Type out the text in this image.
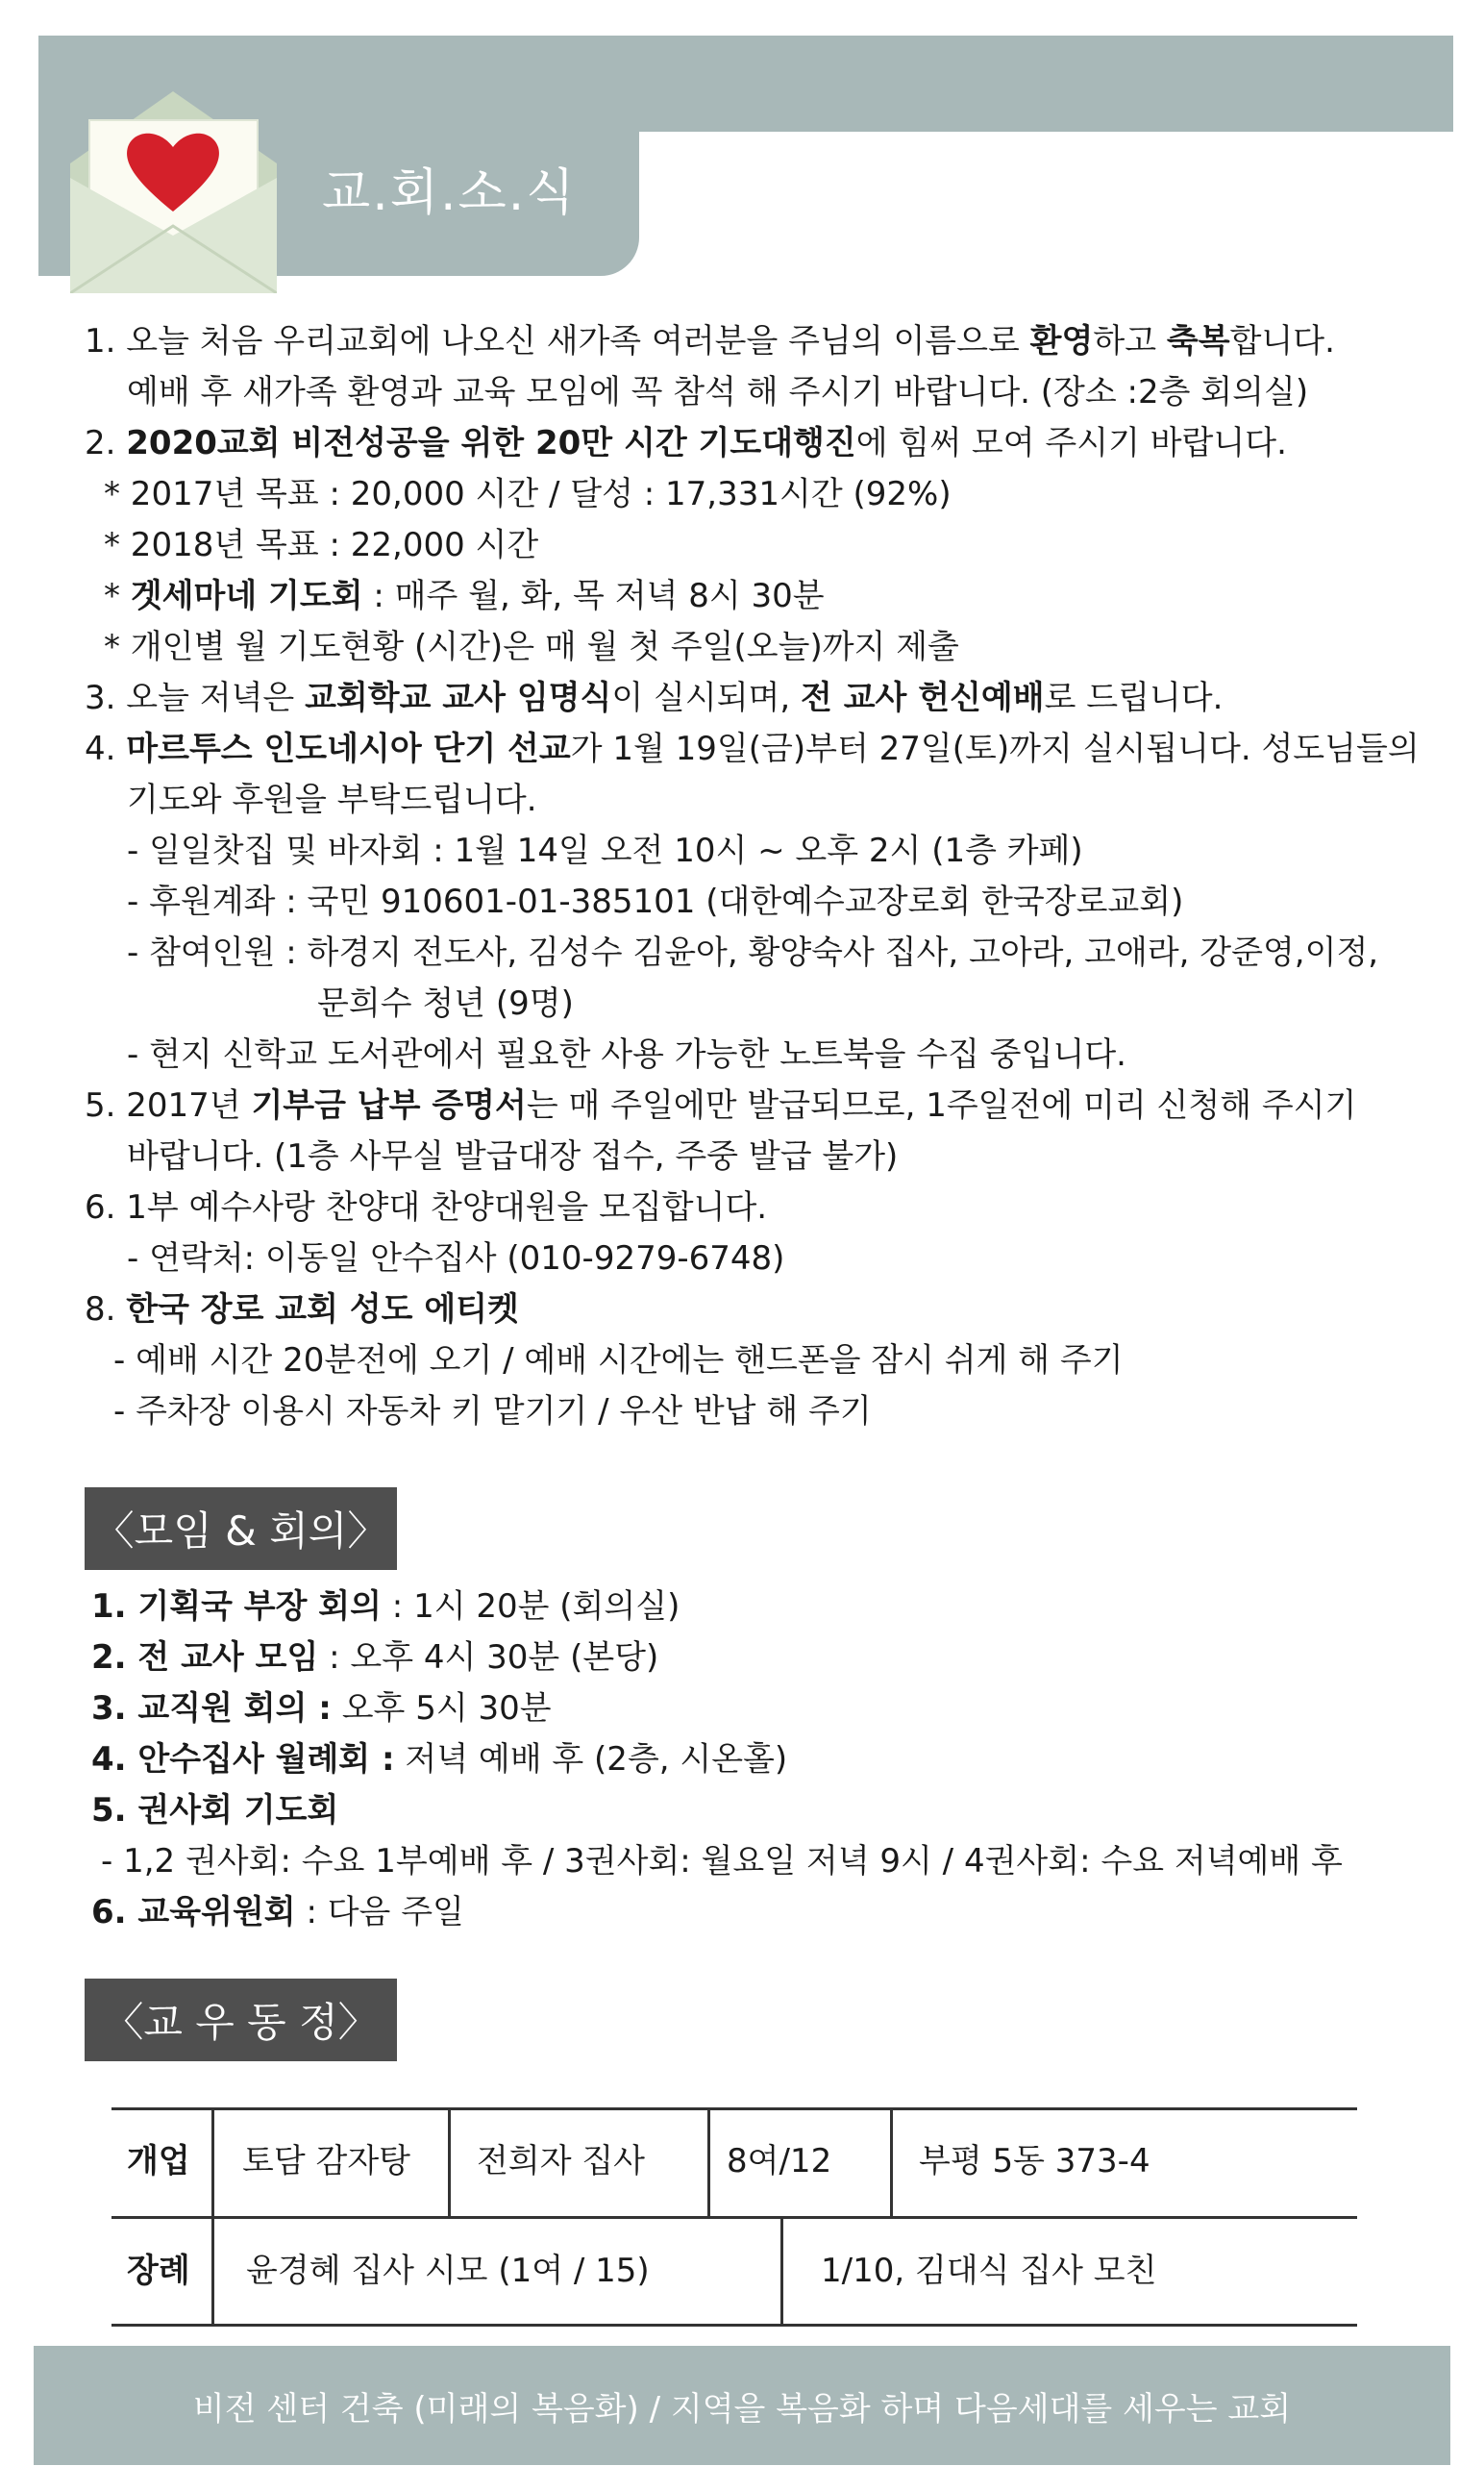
교.회.소.식
1. 오늘 처음 우리교회에 나오신 새가족 여러분을 주님의 이름으로 환영하고 축복합니다.
예배 후 새가족 환영과 교육 모임에 꼭 참석 해 주시기 바랍니다. (장소 :2층 회의실)
2. 2020교회 비전성공을 위한 20만 시간 기도대행진에 힘써 모여 주시기 바랍니다.
* 2017년 목표 : 20,000 시간 / 달성 : 17,331시간 (92%)
* 2018년 목표 : 22,000 시간
* 겟세마네 기도회 : 매주 월, 화, 목 저녁 8시 30분
* 개인별 월 기도현황 (시간)은 매 월 첫 주일(오늘)까지 제출
3. 오늘 저녁은 교회학교 교사 임명식이 실시되며, 전 교사 헌신예배로 드립니다.
4. 마르투스 인도네시아 단기 선교가 1월 19일(금)부터 27일(토)까지 실시됩니다. 성도님들의
기도와 후원을 부탁드립니다.
- 일일찻집 및 바자회 : 1월 14일 오전 10시 ~ 오후 2시 (1층 카페)
- 후원계좌 : 국민 910601-01-385101 (대한예수교장로회 한국장로교회)
- 참여인원 : 하경지 전도사, 김성수 김윤아, 황양숙사 집사, 고아라, 고애라, 강준영,이정,
문희수 청년 (9명)
- 현지 신학교 도서관에서 필요한 사용 가능한 노트북을 수집 중입니다.
5. 2017년 기부금 납부 증명서는 매 주일에만 발급되므로, 1주일전에 미리 신청해 주시기
바랍니다. (1층 사무실 발급대장 접수, 주중 발급 불가)
6. 1부 예수사랑 찬양대 찬양대원을 모집합니다.
- 연락처: 이동일 안수집사 (010-9279-6748)
8. 한국 장로 교회 성도 에티켓
- 예배 시간 20분전에 오기 / 예배 시간에는 핸드폰을 잠시 쉬게 해 주기
- 주차장 이용시 자동차 키 맡기기 / 우산 반납 해 주기
〈모임 & 회의〉
1. 기획국 부장 회의 : 1시 20분 (회의실)
2. 전 교사 모임 : 오후 4시 30분 (본당)
3. 교직원 회의 : 오후 5시 30분
4. 안수집사 월례회 : 저녁 예배 후 (2층, 시온홀)
5. 권사회 기도회
- 1,2 권사회: 수요 1부예배 후 / 3권사회: 월요일 저녁 9시 / 4권사회: 수요 저녁예배 후
6. 교육위원회 : 다음 주일
〈교 우 동 정〉
개업 토담 감자탕 전희자 집사 8여/12	부평 5동 373-4
장례 윤경혜 집사 시모 (1여 / 15)	1/10, 김대식 집사 모친
비전 센터 건축 (미래의 복음화) / 지역을 복음화 하며 다음세대를 세우는 교회
